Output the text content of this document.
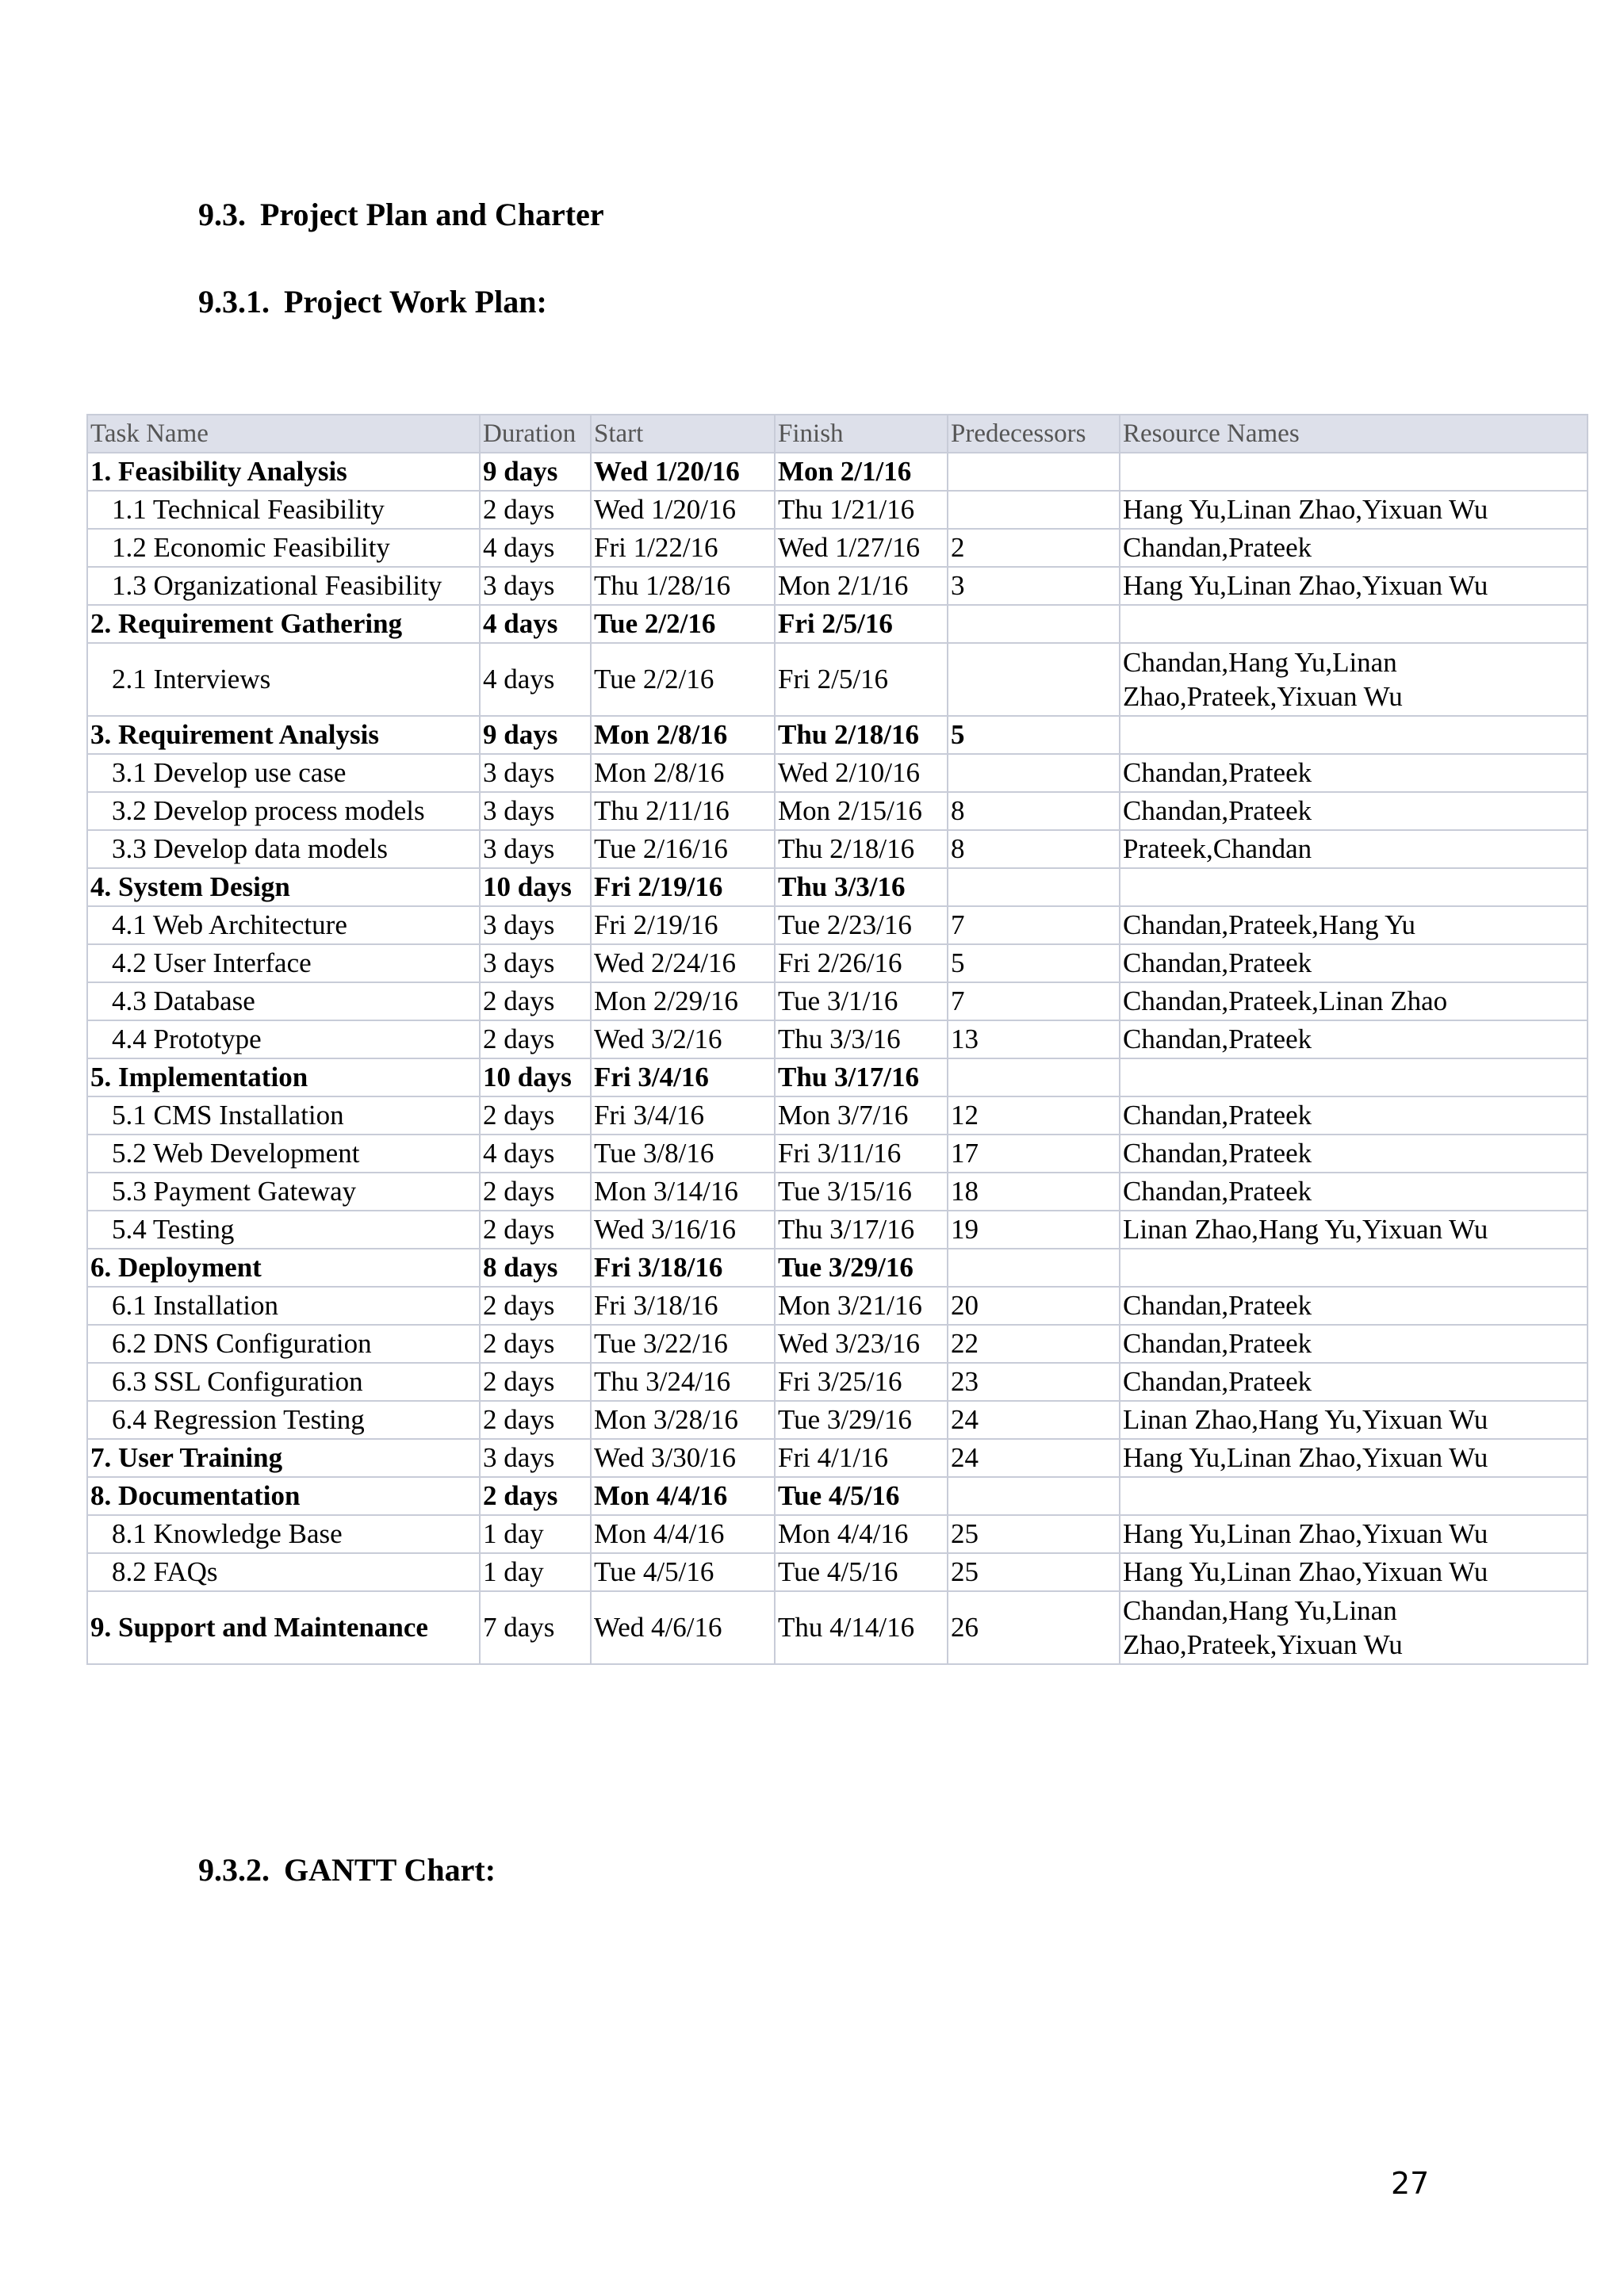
9.3. Project Plan and Charter
9.3.1. Project Work Plan:
Task Name	Duration	Start	Finish	Predecessors	Resource Names
1. Feasibility Analysis	9 days	Wed 1/20/16	Mon 2/1/16		
1.1 Technical Feasibility	2 days	Wed 1/20/16	Thu 1/21/16		Hang Yu,Linan Zhao,Yixuan Wu
1.2 Economic Feasibility	4 days	Fri 1/22/16	Wed 1/27/16	2	Chandan,Prateek
1.3 Organizational Feasibility	3 days	Thu 1/28/16	Mon 2/1/16	3	Hang Yu,Linan Zhao,Yixuan Wu
2. Requirement Gathering	4 days	Tue 2/2/16	Fri 2/5/16		
2.1 Interviews	4 days	Tue 2/2/16	Fri 2/5/16		Chandan,Hang Yu,Linan Zhao,Prateek,Yixuan Wu
3. Requirement Analysis	9 days	Mon 2/8/16	Thu 2/18/16	5	
3.1 Develop use case	3 days	Mon 2/8/16	Wed 2/10/16		Chandan,Prateek
3.2 Develop process models	3 days	Thu 2/11/16	Mon 2/15/16	8	Chandan,Prateek
3.3 Develop data models	3 days	Tue 2/16/16	Thu 2/18/16	8	Prateek,Chandan
4. System Design	10 days	Fri 2/19/16	Thu 3/3/16		
4.1 Web Architecture	3 days	Fri 2/19/16	Tue 2/23/16	7	Chandan,Prateek,Hang Yu
4.2 User Interface	3 days	Wed 2/24/16	Fri 2/26/16	5	Chandan,Prateek
4.3 Database	2 days	Mon 2/29/16	Tue 3/1/16	7	Chandan,Prateek,Linan Zhao
4.4 Prototype	2 days	Wed 3/2/16	Thu 3/3/16	13	Chandan,Prateek
5. Implementation	10 days	Fri 3/4/16	Thu 3/17/16		
5.1 CMS Installation	2 days	Fri 3/4/16	Mon 3/7/16	12	Chandan,Prateek
5.2 Web Development	4 days	Tue 3/8/16	Fri 3/11/16	17	Chandan,Prateek
5.3 Payment Gateway	2 days	Mon 3/14/16	Tue 3/15/16	18	Chandan,Prateek
5.4 Testing	2 days	Wed 3/16/16	Thu 3/17/16	19	Linan Zhao,Hang Yu,Yixuan Wu
6. Deployment	8 days	Fri 3/18/16	Tue 3/29/16		
6.1 Installation	2 days	Fri 3/18/16	Mon 3/21/16	20	Chandan,Prateek
6.2 DNS Configuration	2 days	Tue 3/22/16	Wed 3/23/16	22	Chandan,Prateek
6.3 SSL Configuration	2 days	Thu 3/24/16	Fri 3/25/16	23	Chandan,Prateek
6.4 Regression Testing	2 days	Mon 3/28/16	Tue 3/29/16	24	Linan Zhao,Hang Yu,Yixuan Wu
7. User Training	3 days	Wed 3/30/16	Fri 4/1/16	24	Hang Yu,Linan Zhao,Yixuan Wu
8. Documentation	2 days	Mon 4/4/16	Tue 4/5/16		
8.1 Knowledge Base	1 day	Mon 4/4/16	Mon 4/4/16	25	Hang Yu,Linan Zhao,Yixuan Wu
8.2 FAQs	1 day	Tue 4/5/16	Tue 4/5/16	25	Hang Yu,Linan Zhao,Yixuan Wu
9. Support and Maintenance	7 days	Wed 4/6/16	Thu 4/14/16	26	Chandan,Hang Yu,Linan Zhao,Prateek,Yixuan Wu
9.3.2. GANTT Chart:
27
